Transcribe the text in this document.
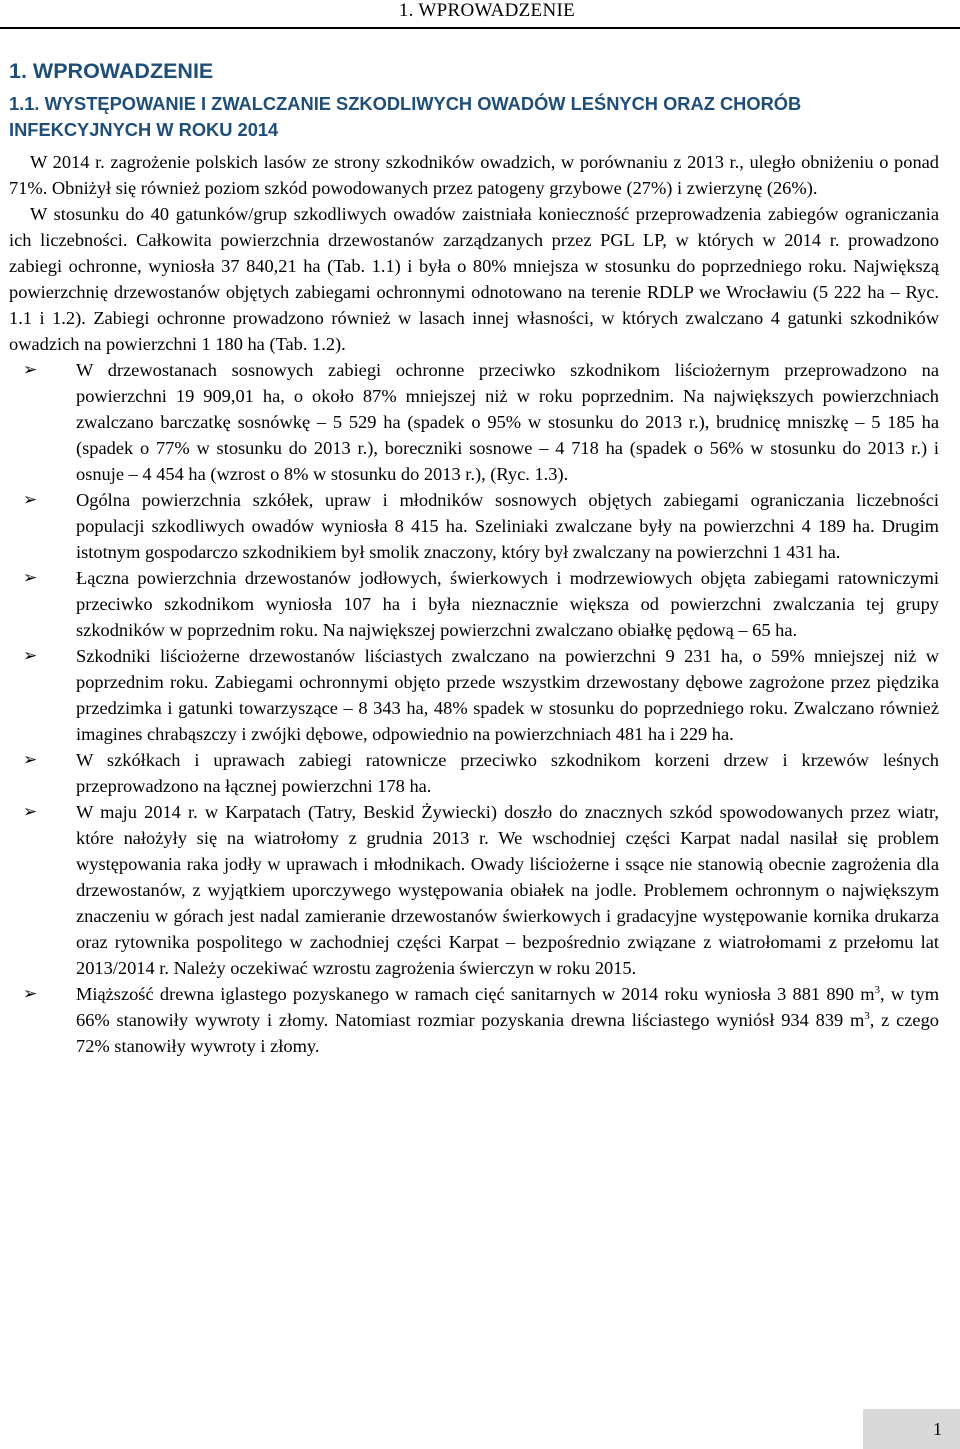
1. WPROWADZENIE
1. WPROWADZENIE
1.1. WYSTĘPOWANIE I ZWALCZANIE SZKODLIWYCH OWADÓW LEŚNYCH ORAZ CHORÓB INFEKCYJNYCH W ROKU 2014

W 2014 r. zagrożenie polskich lasów ze strony szkodników owadzich, w porównaniu z 2013 r., uległo obniżeniu o ponad 71%. Obniżył się również poziom szkód powodowanych przez patogeny grzybowe (27%) i zwierzynę (26%).

W stosunku do 40 gatunków/grup szkodliwych owadów zaistniała konieczność przeprowadzenia zabiegów ograniczania ich liczebności. Całkowita powierzchnia drzewostanów zarządzanych przez PGL LP, w których w 2014 r. prowadzono zabiegi ochronne, wyniosła 37 840,21 ha (Tab. 1.1) i była o 80% mniejsza w stosunku do poprzedniego roku. Największą powierzchnię drzewostanów objętych zabiegami ochronnymi odnotowano na terenie RDLP we Wrocławiu (5 222 ha – Ryc. 1.1 i 1.2). Zabiegi ochronne prowadzono również w lasach innej własności, w których zwalczano 4 gatunki szkodników owadzich na powierzchni 1 180 ha (Tab. 1.2).

➢ W drzewostanach sosnowych zabiegi ochronne przeciwko szkodnikom liściożernym przeprowadzono na powierzchni 19 909,01 ha, o około 87% mniejszej niż w roku poprzednim. Na największych powierzchniach zwalczano barczatkę sosnówkę – 5 529 ha (spadek o 95% w stosunku do 2013 r.), brudnicę mniszkę – 5 185 ha (spadek o 77% w stosunku do 2013 r.), boreczniki sosnowe – 4 718 ha (spadek o 56% w stosunku do 2013 r.) i osnuje – 4 454 ha (wzrost o 8% w stosunku do 2013 r.), (Ryc. 1.3).
➢ Ogólna powierzchnia szkółek, upraw i młodników sosnowych objętych zabiegami ograniczania liczebności populacji szkodliwych owadów wyniosła 8 415 ha. Szeliniaki zwalczane były na powierzchni 4 189 ha. Drugim istotnym gospodarczo szkodnikiem był smolik znaczony, który był zwalczany na powierzchni 1 431 ha.
➢ Łączna powierzchnia drzewostanów jodłowych, świerkowych i modrzewiowych objęta zabiegami ratowniczymi przeciwko szkodnikom wyniosła 107 ha i była nieznacznie większa od powierzchni zwalczania tej grupy szkodników w poprzednim roku. Na największej powierzchni zwalczano obiałkę pędową – 65 ha.
➢ Szkodniki liściożerne drzewostanów liściastych zwalczano na powierzchni 9 231 ha, o 59% mniejszej niż w poprzednim roku. Zabiegami ochronnymi objęto przede wszystkim drzewostany dębowe zagrożone przez piędzika przedzimka i gatunki towarzyszące – 8 343 ha, 48% spadek w stosunku do poprzedniego roku. Zwalczano również imagines chrabąszczy i zwójki dębowe, odpowiednio na powierzchniach 481 ha i 229 ha.
➢ W szkółkach i uprawach zabiegi ratownicze przeciwko szkodnikom korzeni drzew i krzewów leśnych przeprowadzono na łącznej powierzchni 178 ha.
➢ W maju 2014 r. w Karpatach (Tatry, Beskid Żywiecki) doszło do znacznych szkód spowodowanych przez wiatr, które nałożyły się na wiatrołomy z grudnia 2013 r. We wschodniej części Karpat nadal nasilał się problem występowania raka jodły w uprawach i młodnikach. Owady liściożerne i ssące nie stanowią obecnie zagrożenia dla drzewostanów, z wyjątkiem uporczywego występowania obiałek na jodle. Problemem ochronnym o największym znaczeniu w górach jest nadal zamieranie drzewostanów świerkowych i gradacyjne występowanie kornika drukarza oraz rytownika pospolitego w zachodniej części Karpat – bezpośrednio związane z wiatrołomami z przełomu lat 2013/2014 r. Należy oczekiwać wzrostu zagrożenia świerczyn w roku 2015.
➢ Miąższość drewna iglastego pozyskanego w ramach cięć sanitarnych w 2014 roku wyniosła 3 881 890 $m^3$, w tym 66% stanowiły wywroty i złomy. Natomiast rozmiar pozyskania drewna liściastego wyniósł 934 839 $m^3$, z czego 72% stanowiły wywroty i złomy.
1
